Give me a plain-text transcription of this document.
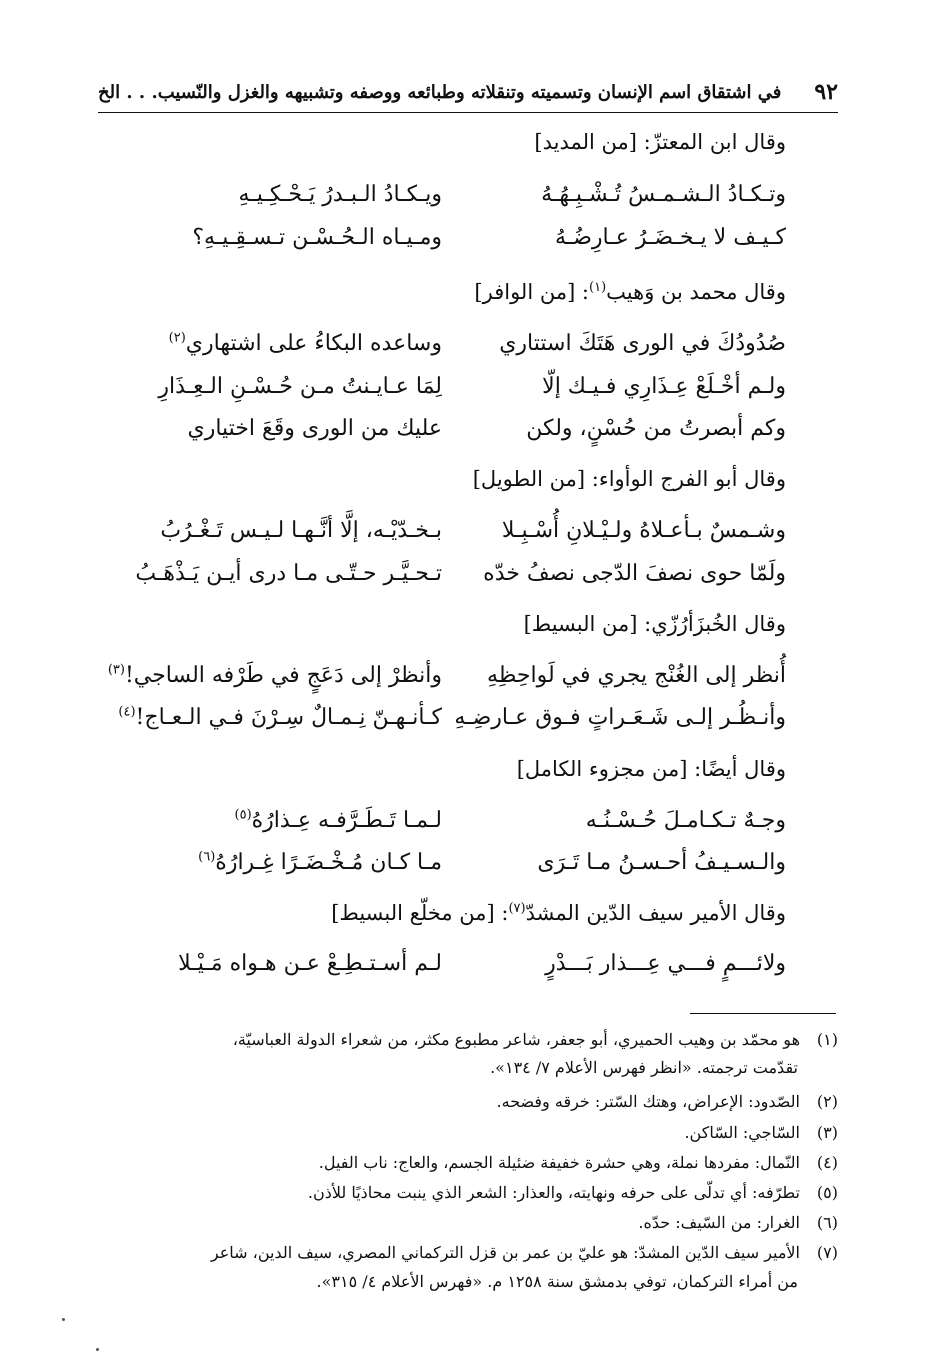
٩٢
في اشتقاق اسم الإنسان وتسميته وتنقلاته وطبائعه ووصفه وتشبيهه والغزل والنّسيب. . . الخ
وقال ابن المعتزّ: [من المديد]
وتـكـادُ الـشـمـسُ تُـشْـبِـهُـهُ
ويـكـادُ الـبـدرُ يَـحْـكِـيـهِ
كـيـف لا يـخـضَـرُ عـارِضُـهُ
ومـيـاه الـحُـسْـن تـسـقِـيـهِ؟
وقال محمد بن وَهيب$^{(١)}$: [من الوافر]
صُدُودُكَ في الورى هَتَكَ استتاري
وساعده البكاءُ على اشتهاري$^{(٢)}$
ولـم أخْـلَعْ عِـذَارِي فـيـك إلّا
لِمَا عـايـنتُ مـن حُـسْـنِ الـعِـذَارِ
وكم أبصرتُ من حُسْنٍ، ولكن
عليك من الورى وقَعَ اختياري
وقال أبو الفرج الوأواء: [من الطويل]
وشـمسٌ بـأعـلاهُ ولـيْـلانِ أُسْـبِـلا
بـخـدّيْـه، إلَّا أنَّـهـا لـيـس تَـغْـرُبُ
ولَمّا حوى نصفَ الدّجى نصفُ خدّه
تـحـيَّـر حـتّـى مـا درى أيـن يَـذْهَـبُ
وقال الخُبزَأرُزّي: [من البسيط]
أُنظر إلى الغُنْج يجري في لَواحِظِهِ
وأنظرْ إلى دَعَجٍ في طَرْفه الساجي!$^{(٣)}$
وأنـظُـر إلـى شَـعَـراتٍ فـوق عـارضِـهِ
كـأنـهـنّ نِـمـالٌ سِـرْنَ فـي الـعـاج!$^{(٤)}$
وقال أيضًا: [من مجزوء الكامل]
وجـهٌ تـكـامـلَ حُـسْـنُـه
لـمـا تَـطَـرَّفـه عِـذارُهُ$^{(٥)}$
والـسـيـفُ أحـسـنُ مـا تَـرَى
مـا كـان مُـخْـضَـرًا غِـرارُهُ$^{(٦)}$
وقال الأمير سيف الدّين المشدّ$^{(٧)}$: [من مخلّع البسيط]
ولائـــمٍ فـــي عِـــذار بَـــدْرٍ
لـم أسـتـطِـعْ عـن هـواه مَـيْـلا
(١)هو محمّد بن وهيب الحميري، أبو جعفر، شاعر مطبوع مكثر، من شعراء الدولة العباسيّة،
تقدّمت ترجمته. «انظر فهرس الأعلام ٧/ ١٣٤».
(٢)الصّدود: الإعراض، وهتك السّتر: خرقه وفضحه.
(٣)السّاجي: السّاكن.
(٤)النّمال: مفردها نملة، وهي حشرة خفيفة ضئيلة الجسم، والعاج: ناب الفيل.
(٥)تطرّفه: أي تدلّى على حرفه ونهايته، والعذار: الشعر الذي ينبت محاذيًا للأذن.
(٦)الغرار: من السّيف: حدّه.
(٧)الأمير سيف الدّين المشدّ: هو عليّ بن عمر بن قزل التركماني المصري، سيف الدين، شاعر
من أمراء التركمان، توفي بدمشق سنة ١٢٥٨ م. «فهرس الأعلام ٤/ ٣١٥».
